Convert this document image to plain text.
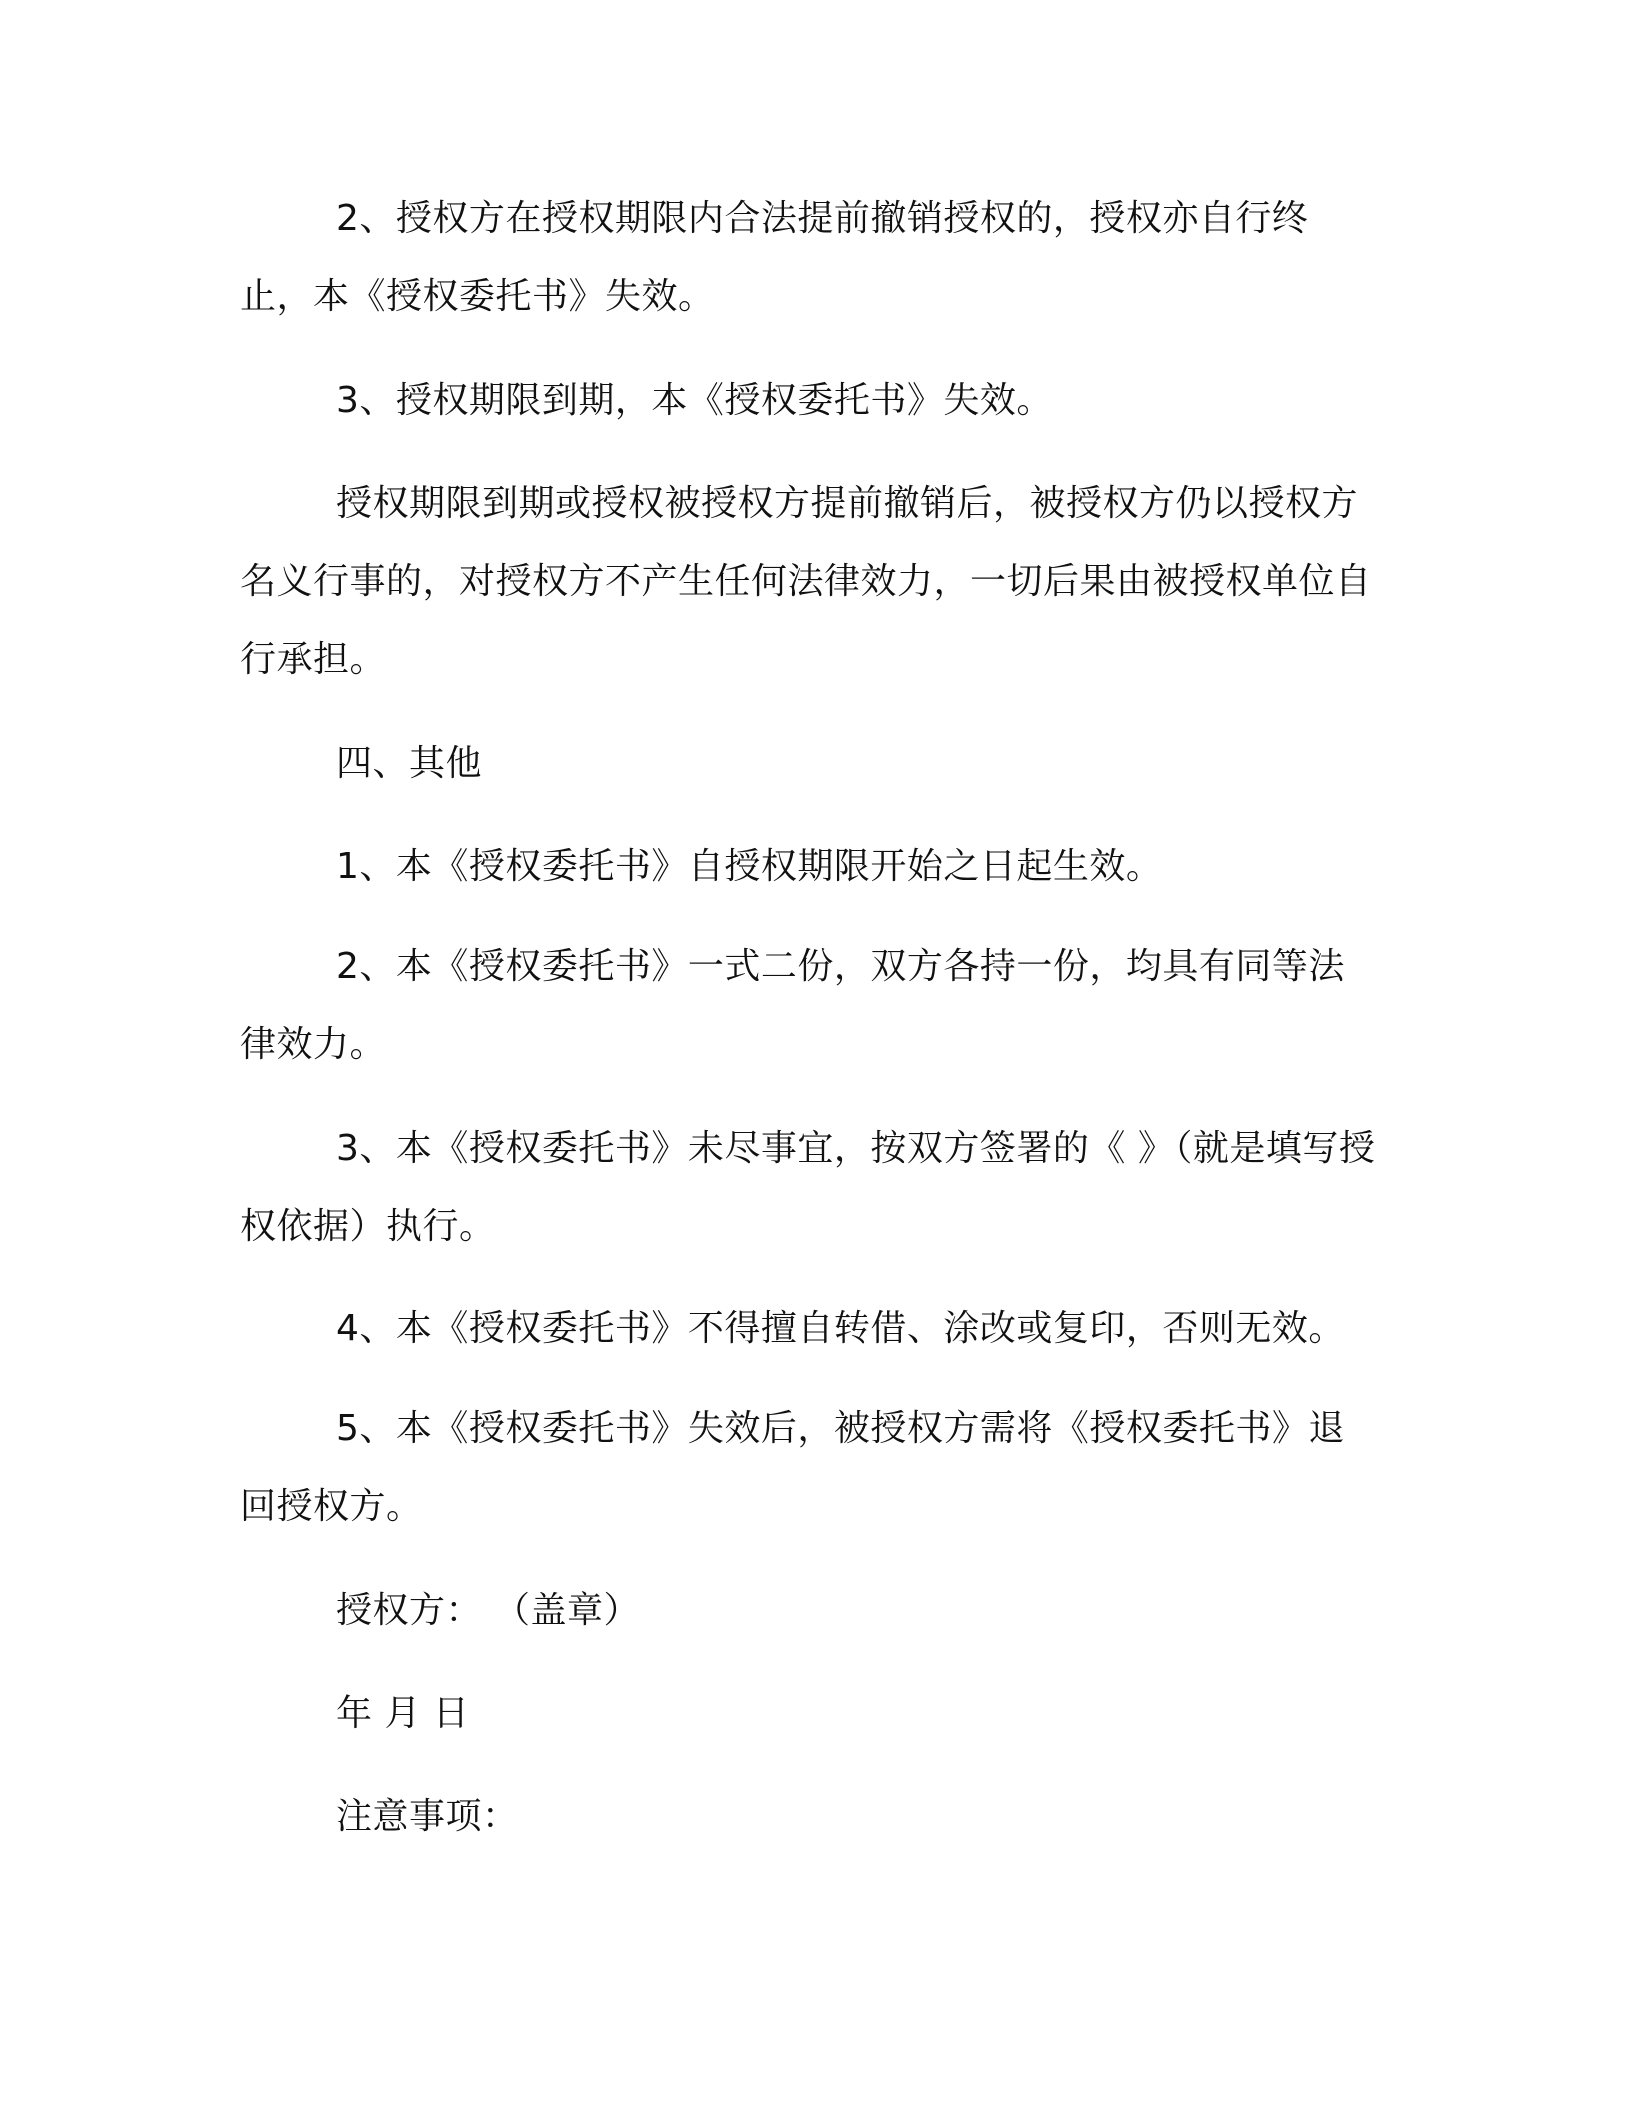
2、授权方在授权期限内合法提前撤销授权的，授权亦自行终止，本《授权委托书》失效。

3、授权期限到期，本《授权委托书》失效。

授权期限到期或授权被授权方提前撤销后，被授权方仍以授权方名义行事的，对授权方不产生任何法律效力，一切后果由被授权单位自行承担。

四、其他

1、本《授权委托书》自授权期限开始之日起生效。

2、本《授权委托书》一式二份，双方各持一份，均具有同等法律效力。

3、本《授权委托书》未尽事宜，按双方签署的《 》（就是填写授权依据）执行。

4、本《授权委托书》不得擅自转借、涂改或复印，否则无效。

5、本《授权委托书》失效后，被授权方需将《授权委托书》退回授权方。

授权方： （盖章）

年 月 日

注意事项：
